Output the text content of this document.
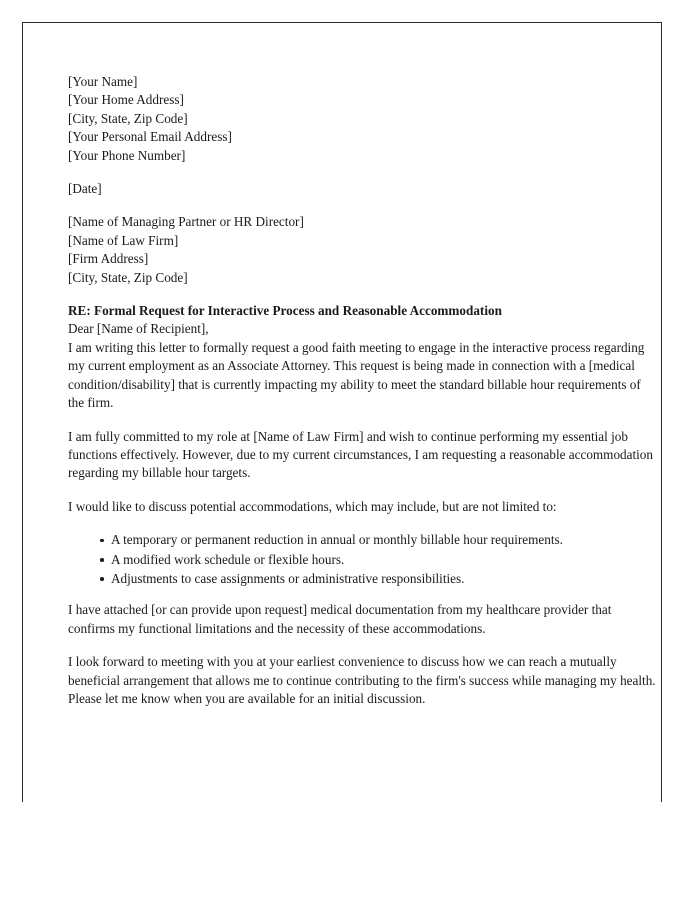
[Your Name]
[Your Home Address]
[City, State, Zip Code]
[Your Personal Email Address]
[Your Phone Number]
[Date]
[Name of Managing Partner or HR Director]
[Name of Law Firm]
[Firm Address]
[City, State, Zip Code]

RE: Formal Request for Interactive Process and Reasonable Accommodation

Dear [Name of Recipient],

I am writing this letter to formally request a good faith meeting to engage in the interactive process regarding my current employment as an Associate Attorney. This request is being made in connection with a [medical condition/disability] that is currently impacting my ability to meet the standard billable hour requirements of the firm.

I am fully committed to my role at [Name of Law Firm] and wish to continue performing my essential job functions effectively. However, due to my current circumstances, I am requesting a reasonable accommodation regarding my billable hour targets.

I would like to discuss potential accommodations, which may include, but are not limited to:

A temporary or permanent reduction in annual or monthly billable hour requirements.
A modified work schedule or flexible hours.
Adjustments to case assignments or administrative responsibilities.

I have attached [or can provide upon request] medical documentation from my healthcare provider that confirms my functional limitations and the necessity of these accommodations.

I look forward to meeting with you at your earliest convenience to discuss how we can reach a mutually beneficial arrangement that allows me to continue contributing to the firm's success while managing my health. Please let me know when you are available for an initial discussion.
